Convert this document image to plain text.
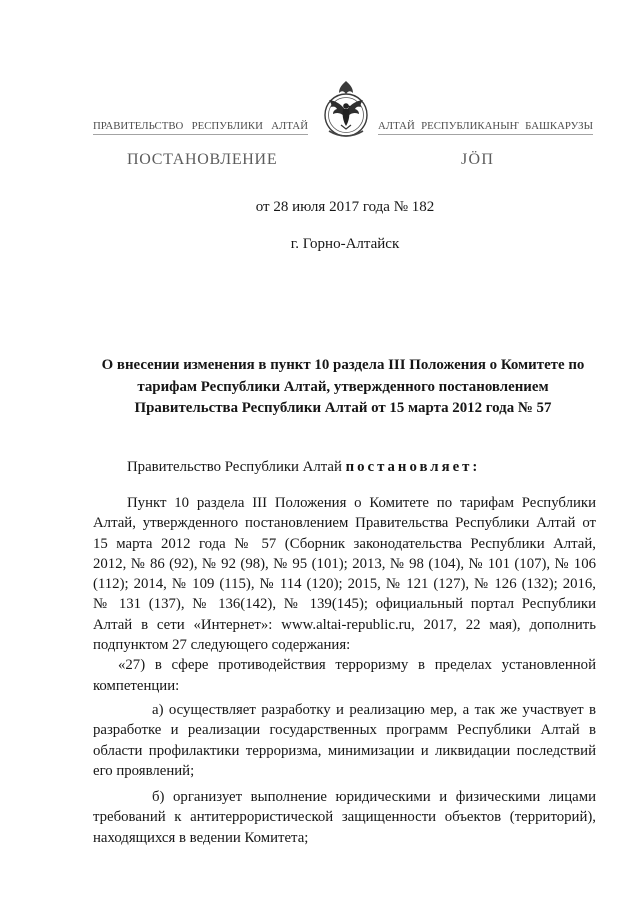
ПРАВИТЕЛЬСТВО РЕСПУБЛИКИ АЛТАЙ	АЛТАЙ РЕСПУБЛИКАНЫҤ БАШКАРУЗЫ
ПОСТАНОВЛЕНИЕ	ЈӦП
от 28 июля 2017 года № 182
г. Горно-Алтайск
О внесении изменения в пункт 10 раздела III Положения о Комитете по
тарифам Республики Алтай, утвержденного постановлением
Правительства Республики Алтай от 15 марта 2012 года № 57
Правительство Республики Алтай постановляет:
Пункт 10 раздела III Положения о Комитете по тарифам Республики
Алтай, утвержденного постановлением Правительства Республики Алтай от
15 марта 2012 года № 57 (Сборник законодательства Республики Алтай,
2012, № 86 (92), № 92 (98), № 95 (101); 2013, № 98 (104), № 101 (107), № 106
(112); 2014, № 109 (115), № 114 (120); 2015, № 121 (127), № 126 (132); 2016,
№ 131 (137), № 136(142), № 139(145); официальный портал Республики
Алтай в сети «Интернет»: www.altai-republic.ru, 2017, 22 мая), дополнить
подпунктом 27 следующего содержания:
«27) в сфере противодействия терроризму в пределах установленной
компетенции:
а) осуществляет разработку и реализацию мер, а так же участвует в
разработке и реализации государственных программ Республики Алтай в
области профилактики терроризма, минимизации и ликвидации последствий
его проявлений;
б) организует выполнение юридическими и физическими лицами
требований к антитеррористической защищенности объектов (территорий),
находящихся в ведении Комитета;
